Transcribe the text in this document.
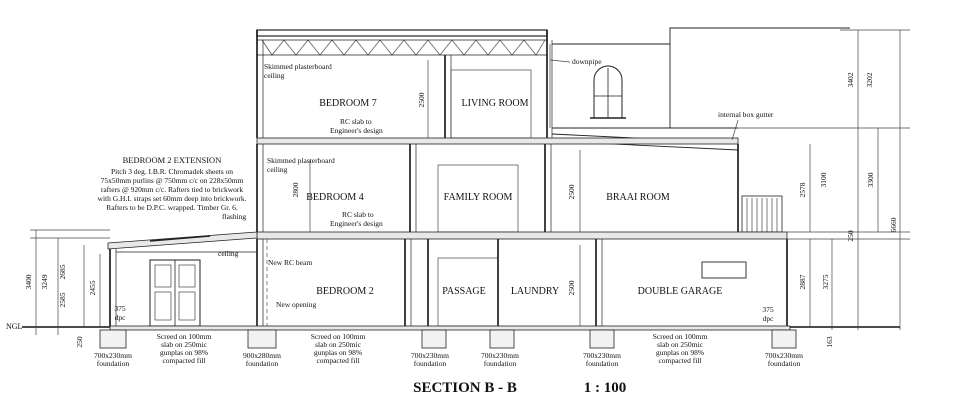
BEDROOM 7	LIVING ROOM
BEDROOM 4	FAMILY ROOM	BRAAI ROOM
BEDROOM 2	PASSAGE	LAUNDRY	DOUBLE GARAGE
BEDROOM 2 EXTENSION
Pitch 3 deg. I.B.R. Chromadek sheets on
75x50mm purlins @ 750mm c/c on 228x50mm
rafters @ 920mm c/c. Rafters tied to brickwork
with G.H.I. straps set 60mm deep into brickwork.
Rafters to be D.P.C. wrapped. Timber Gr. 6.
Skimmed plasterboard
ceiling
RC slab to
Engineer's design
Skimmed plasterboard
ceiling
RC slab to
Engineer's design
downpipe
internal box gutter
flashing
ceiling
New RC beam
New opening
NGL
375
dpc
375
dpc
Screed on 100mm
slab on 250mic
gunplas on 98%
compacted fill
Screed on 100mm
slab on 250mic
gunplas on 98%
compacted fill
Screed on 100mm
slab on 250mic
gunplas on 98%
compacted fill
700x230mm
foundation
900x280mm
foundation
700x230mm
foundation
700x230mm
foundation
700x230mm
foundation
700x230mm
foundation
3400 3249
2585
2685
2455
250
2500
2800	2500
2500
3402 3202
2578
3100	3300
6660
250
2887 3275
163
SECTION B - B	1 : 100
